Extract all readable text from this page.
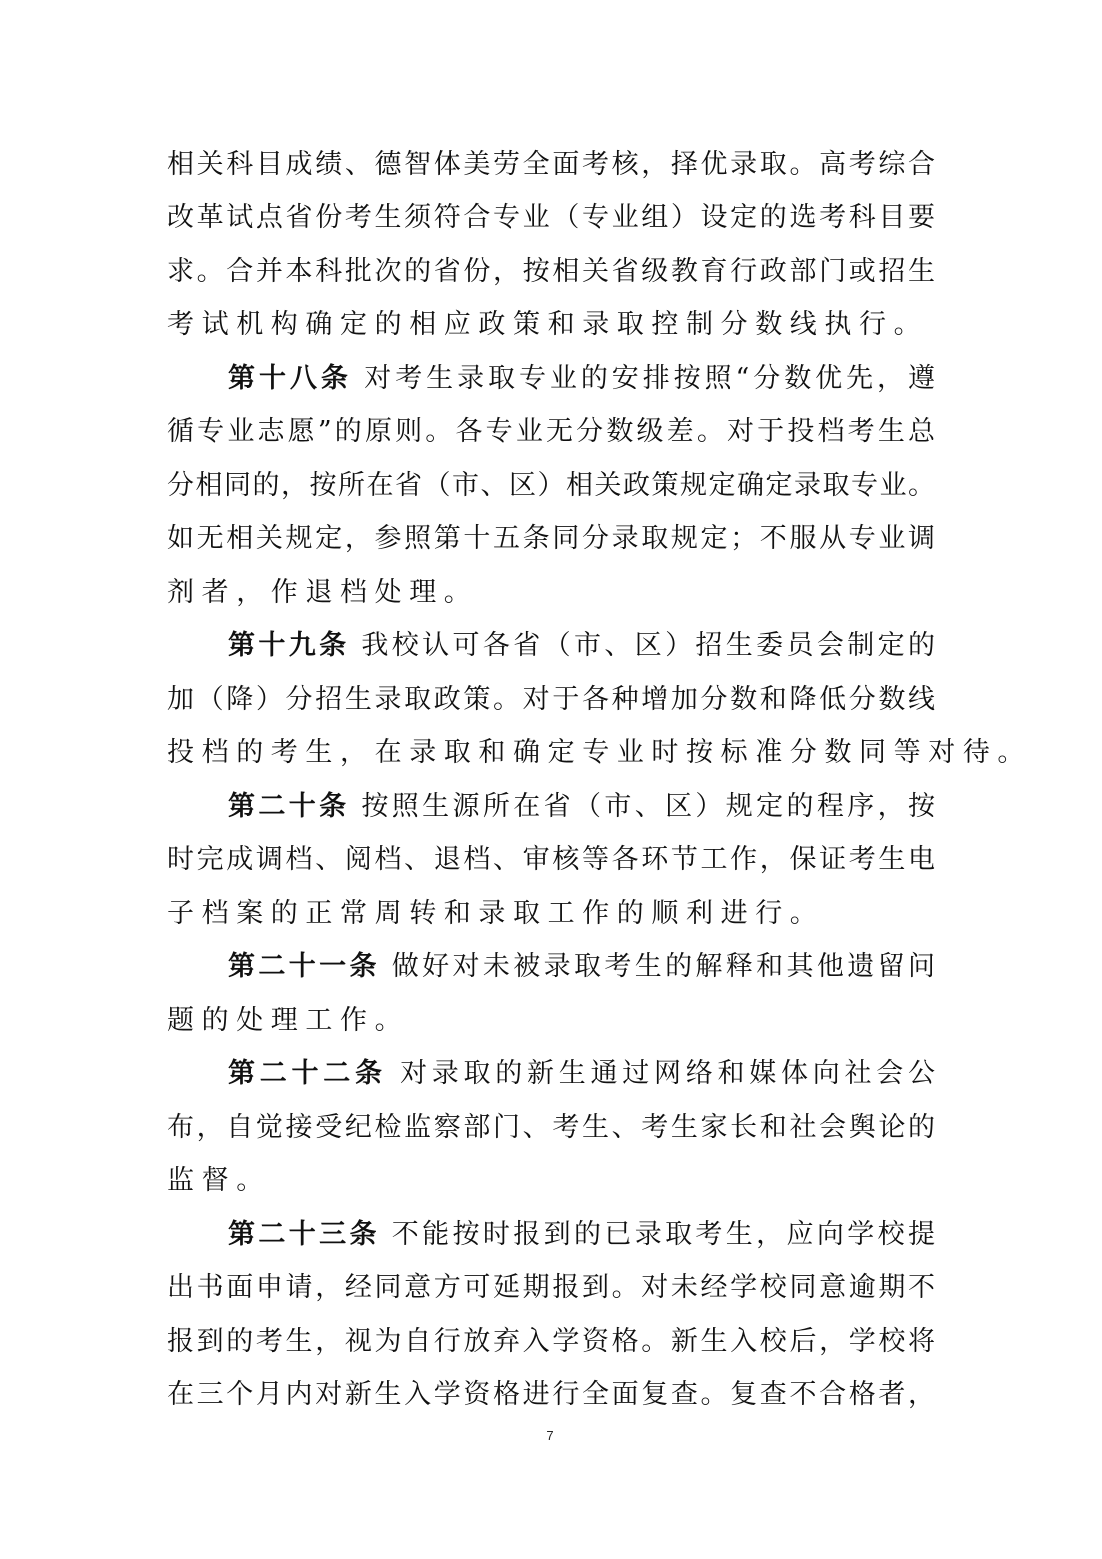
相关科目成绩、德智体美劳全面考核，择优录取。高考综合
改革试点省份考生须符合专业（专业组）设定的选考科目要
求。合并本科批次的省份，按相关省级教育行政部门或招生
考试机构确定的相应政策和录取控制分数线执行。
第十八条 对考生录取专业的安排按照“分数优先，遵
循专业志愿”的原则。各专业无分数级差。对于投档考生总
分相同的，按所在省（市、区）相关政策规定确定录取专业。
如无相关规定，参照第十五条同分录取规定；不服从专业调
剂者，作退档处理。
第十九条 我校认可各省（市、区）招生委员会制定的
加（降）分招生录取政策。对于各种增加分数和降低分数线
投档的考生，在录取和确定专业时按标准分数同等对待。
第二十条 按照生源所在省（市、区）规定的程序，按
时完成调档、阅档、退档、审核等各环节工作，保证考生电
子档案的正常周转和录取工作的顺利进行。
第二十一条 做好对未被录取考生的解释和其他遗留问
题的处理工作。
第二十二条 对录取的新生通过网络和媒体向社会公
布，自觉接受纪检监察部门、考生、考生家长和社会舆论的
监督。
第二十三条 不能按时报到的已录取考生，应向学校提
出书面申请，经同意方可延期报到。对未经学校同意逾期不
报到的考生，视为自行放弃入学资格。新生入校后，学校将
在三个月内对新生入学资格进行全面复查。复查不合格者，
7
